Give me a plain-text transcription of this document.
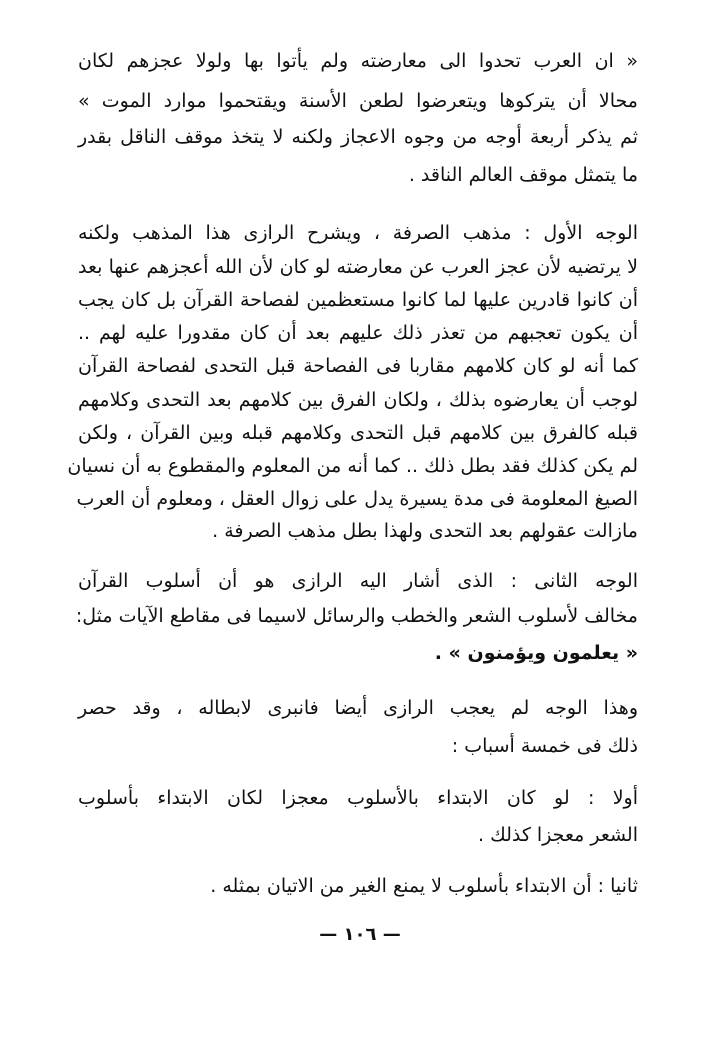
« ان العرب تحدوا الى معارضته ولم يأتوا بها ولولا عجزهم لكان
محالا أن يتركوها ويتعرضوا لطعن الأسنة ويقتحموا موارد الموت »
ثم يذكر أربعة أوجه من وجوه الاعجاز ولكنه لا يتخذ موقف الناقل بقدر
ما يتمثل موقف العالم الناقد .
الوجه الأول : مذهب الصرفة ، ويشرح الرازى هذا المذهب ولكنه
لا يرتضيه لأن عجز العرب عن معارضته لو كان لأن الله أعجزهم عنها بعد
أن كانوا قادرين عليها لما كانوا مستعظمين لفصاحة القرآن بل كان يجب
أن يكون تعجبهم من تعذر ذلك عليهم بعد أن كان مقدورا عليه لهم ..
كما أنه لو كان كلامهم مقاربا فى الفصاحة قبل التحدى لفصاحة القرآن
لوجب أن يعارضوه بذلك ، ولكان الفرق بين كلامهم بعد التحدى وكلامهم
قبله كالفرق بين كلامهم قبل التحدى وكلامهم قبله وبين القرآن ، ولكن
لم يكن كذلك فقد بطل ذلك .. كما أنه من المعلوم والمقطوع به أن نسيان
الصيغ المعلومة فى مدة يسيرة يدل على زوال العقل ، ومعلوم أن العرب
مازالت عقولهم بعد التحدى ولهذا بطل مذهب الصرفة .
الوجه الثانى : الذى أشار اليه الرازى هو أن أسلوب القرآن
مخالف لأسلوب الشعر والخطب والرسائل لاسيما فى مقاطع الآيات مثل:
« يعلمون ويؤمنون » .
وهذا الوجه لم يعجب الرازى أيضا فانبرى لابطاله ، وقد حصر
ذلك فى خمسة أسباب :
أولا : لو كان الابتداء بالأسلوب معجزا لكان الابتداء بأسلوب
الشعر معجزا كذلك .
ثانيا : أن الابتداء بأسلوب لا يمنع الغير من الاتيان بمثله .
— ١٠٦ —
